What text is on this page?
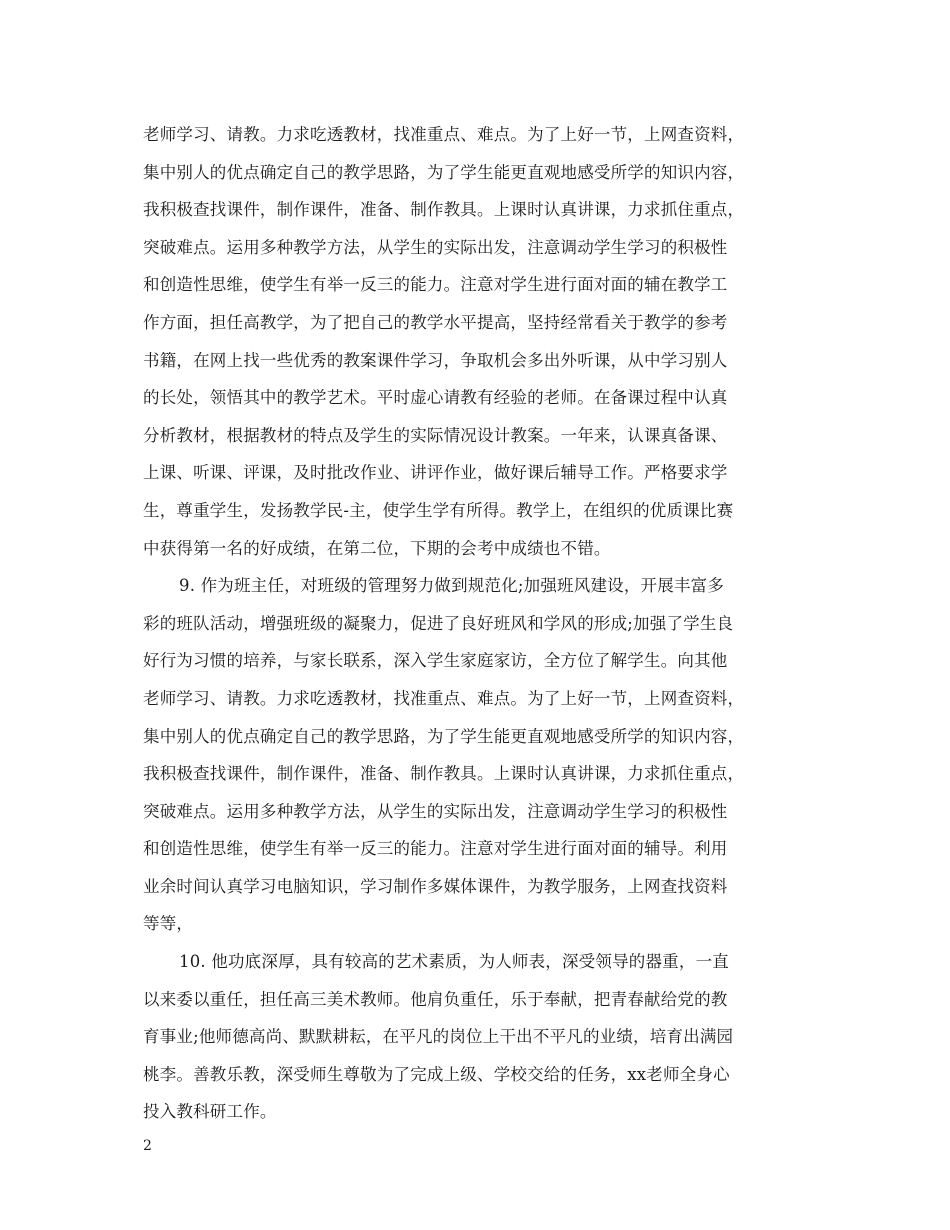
老师学习、请教。力求吃透教材，找准重点、难点。为了上好一节，上网查资料，
集中别人的优点确定自己的教学思路，为了学生能更直观地感受所学的知识内容，
我积极查找课件，制作课件，准备、制作教具。上课时认真讲课，力求抓住重点，
突破难点。运用多种教学方法，从学生的实际出发，注意调动学生学习的积极性
和创造性思维，使学生有举一反三的能力。注意对学生进行面对面的辅在教学工
作方面，担任高教学，为了把自己的教学水平提高，坚持经常看关于教学的参考
书籍，在网上找一些优秀的教案课件学习，争取机会多出外听课，从中学习别人
的长处，领悟其中的教学艺术。平时虚心请教有经验的老师。在备课过程中认真
分析教材，根据教材的特点及学生的实际情况设计教案。一年来，认课真备课、
上课、听课、评课，及时批改作业、讲评作业，做好课后辅导工作。严格要求学
生，尊重学生，发扬教学民-主，使学生学有所得。教学上，在组织的优质课比赛
中获得第一名的好成绩，在第二位，下期的会考中成绩也不错。
9. 作为班主任，对班级的管理努力做到规范化;加强班风建设，开展丰富多
彩的班队活动，增强班级的凝聚力，促进了良好班风和学风的形成;加强了学生良
好行为习惯的培养，与家长联系，深入学生家庭家访，全方位了解学生。向其他
老师学习、请教。力求吃透教材，找准重点、难点。为了上好一节，上网查资料，
集中别人的优点确定自己的教学思路，为了学生能更直观地感受所学的知识内容，
我积极查找课件，制作课件，准备、制作教具。上课时认真讲课，力求抓住重点，
突破难点。运用多种教学方法，从学生的实际出发，注意调动学生学习的积极性
和创造性思维，使学生有举一反三的能力。注意对学生进行面对面的辅导。利用
业余时间认真学习电脑知识，学习制作多媒体课件，为教学服务，上网查找资料
等等，
10. 他功底深厚，具有较高的艺术素质，为人师表，深受领导的器重，一直
以来委以重任，担任高三美术教师。他肩负重任，乐于奉献，把青春献给党的教
育事业;他师德高尚、默默耕耘，在平凡的岗位上干出不平凡的业绩，培育出满园
桃李。善教乐教，深受师生尊敬为了完成上级、学校交给的任务，xx老师全身心
投入教科研工作。
2
